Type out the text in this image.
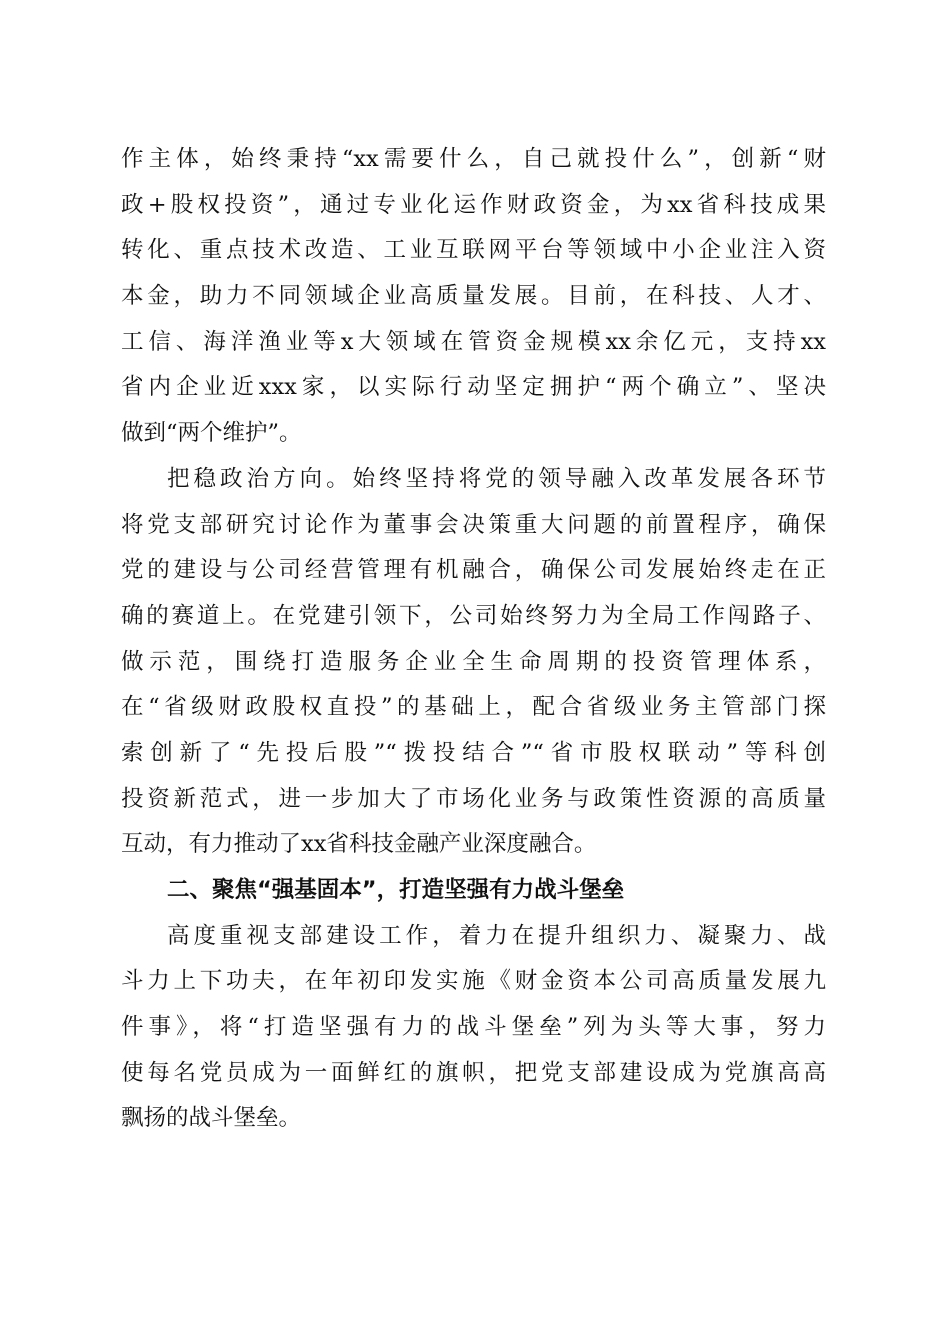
作主体，始终秉持“xx需要什么，自己就投什么”，创新“财
政+股权投资”，通过专业化运作财政资金，为xx省科技成果
转化、重点技术改造、工业互联网平台等领域中小企业注入资
本金，助力不同领域企业高质量发展。目前，在科技、人才、
工信、海洋渔业等x大领域在管资金规模xx余亿元，支持xx
省内企业近xxx家，以实际行动坚定拥护“两个确立”、坚决
做到“两个维护”。
把稳政治方向。始终坚持将党的领导融入改革发展各环节
将党支部研究讨论作为董事会决策重大问题的前置程序，确保
党的建设与公司经营管理有机融合，确保公司发展始终走在正
确的赛道上。在党建引领下，公司始终努力为全局工作闯路子、
做示范，围绕打造服务企业全生命周期的投资管理体系，
在“省级财政股权直投”的基础上，配合省级业务主管部门探
索创新了“先投后股”“拨投结合”“省市股权联动”等科创
投资新范式，进一步加大了市场化业务与政策性资源的高质量
互动，有力推动了xx省科技金融产业深度融合。
二、聚焦“强基固本”，打造坚强有力战斗堡垒
高度重视支部建设工作，着力在提升组织力、凝聚力、战
斗力上下功夫，在年初印发实施《财金资本公司高质量发展九
件事》，将“打造坚强有力的战斗堡垒”列为头等大事，努力
使每名党员成为一面鲜红的旗帜，把党支部建设成为党旗高高
飘扬的战斗堡垒。
